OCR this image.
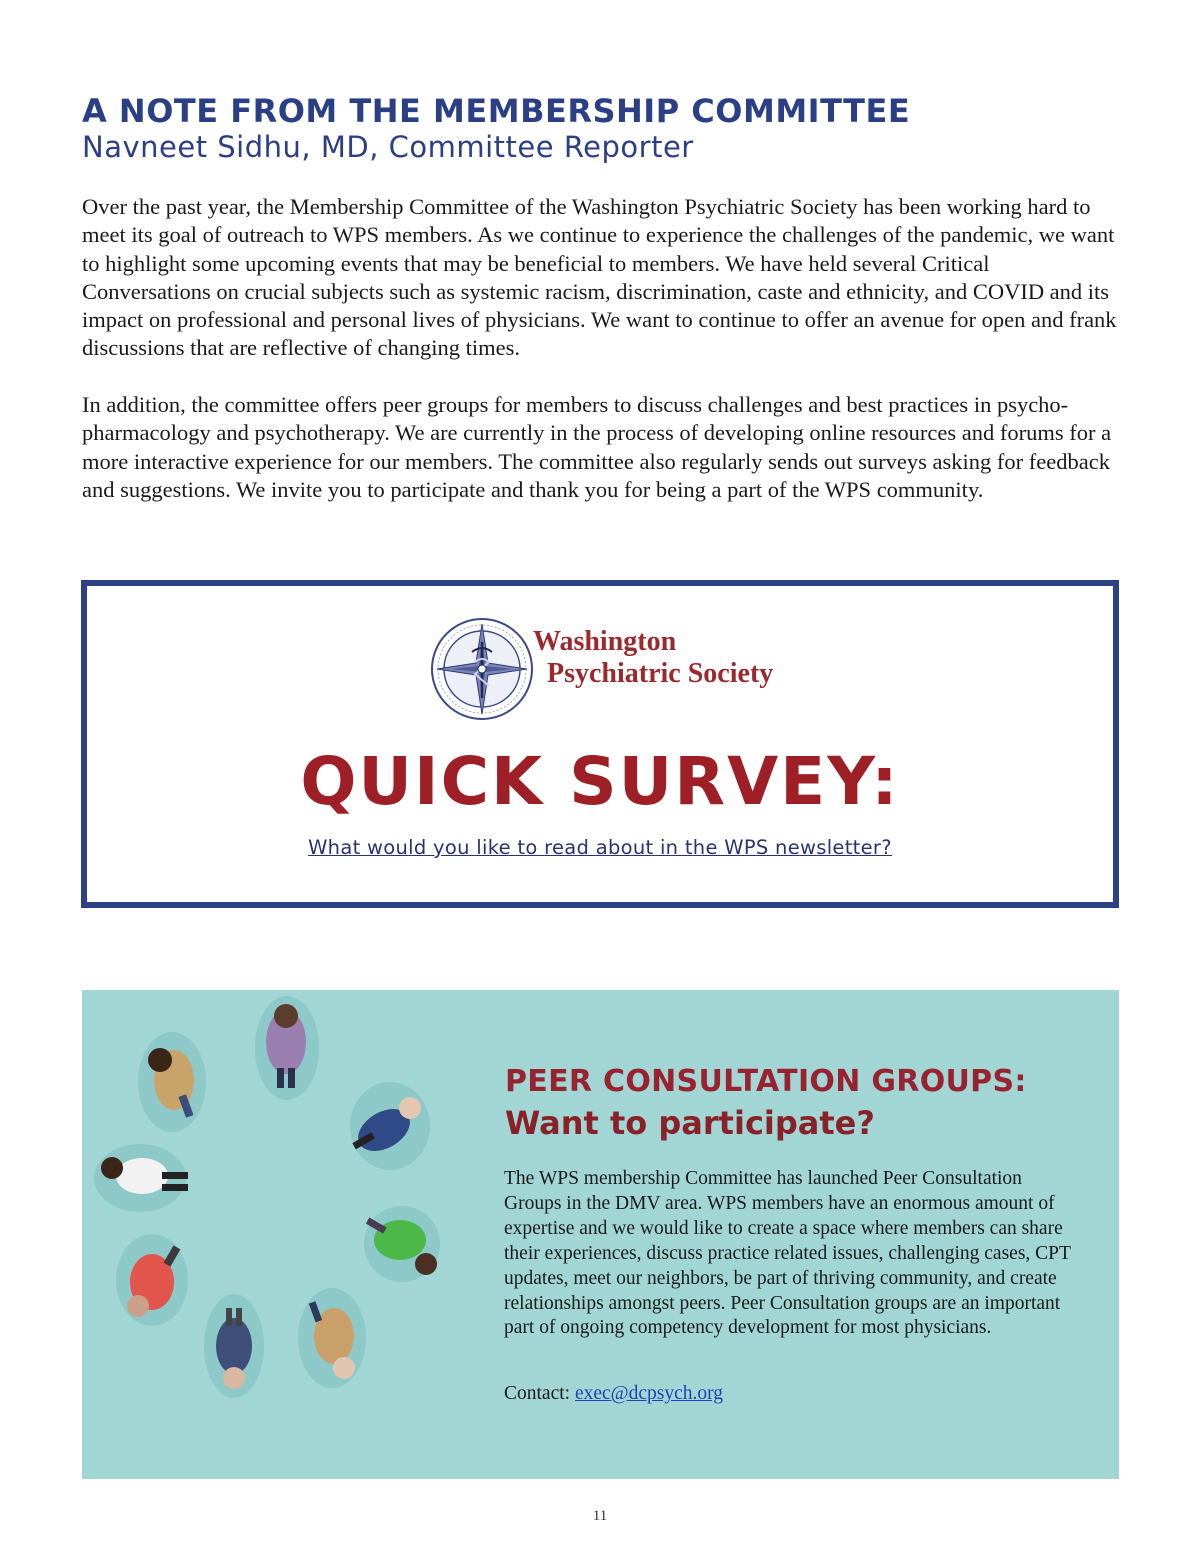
A NOTE FROM THE MEMBERSHIP COMMITTEE
Navneet Sidhu, MD, Committee Reporter

Over the past year, the Membership Committee of the Washington Psychiatric Society has been working hard to meet its goal of outreach to WPS members. As we continue to experience the challenges of the pandemic, we want to highlight some upcoming events that may be beneficial to members. We have held several Critical Conversations on crucial subjects such as systemic racism, discrimination, caste and ethnicity, and COVID and its impact on professional and personal lives of physicians. We want to continue to offer an avenue for open and frank discussions that are reflective of changing times.

In addition, the committee offers peer groups for members to discuss challenges and best practices in psycho-pharmacology and psychotherapy. We are currently in the process of developing online resources and forums for a more interactive experience for our members. The committee also regularly sends out surveys asking for feedback and suggestions. We invite you to participate and thank you for being a part of the WPS community.

Washington

Psychiatric Society

QUICK SURVEY:
What would you like to read about in the WPS newsletter?
PEER CONSULTATION GROUPS:
Want to participate?

The WPS membership Committee has launched Peer Consultation Groups in the DMV area. WPS members have an enormous amount of expertise and we would like to create a space where members can share their experiences, discuss practice related issues, challenging cases, CPT updates, meet our neighbors, be part of thriving community, and create relationships amongst peers. Peer Consultation groups are an important part of ongoing competency development for most physicians.

Contact: exec@dcpsych.org

11
